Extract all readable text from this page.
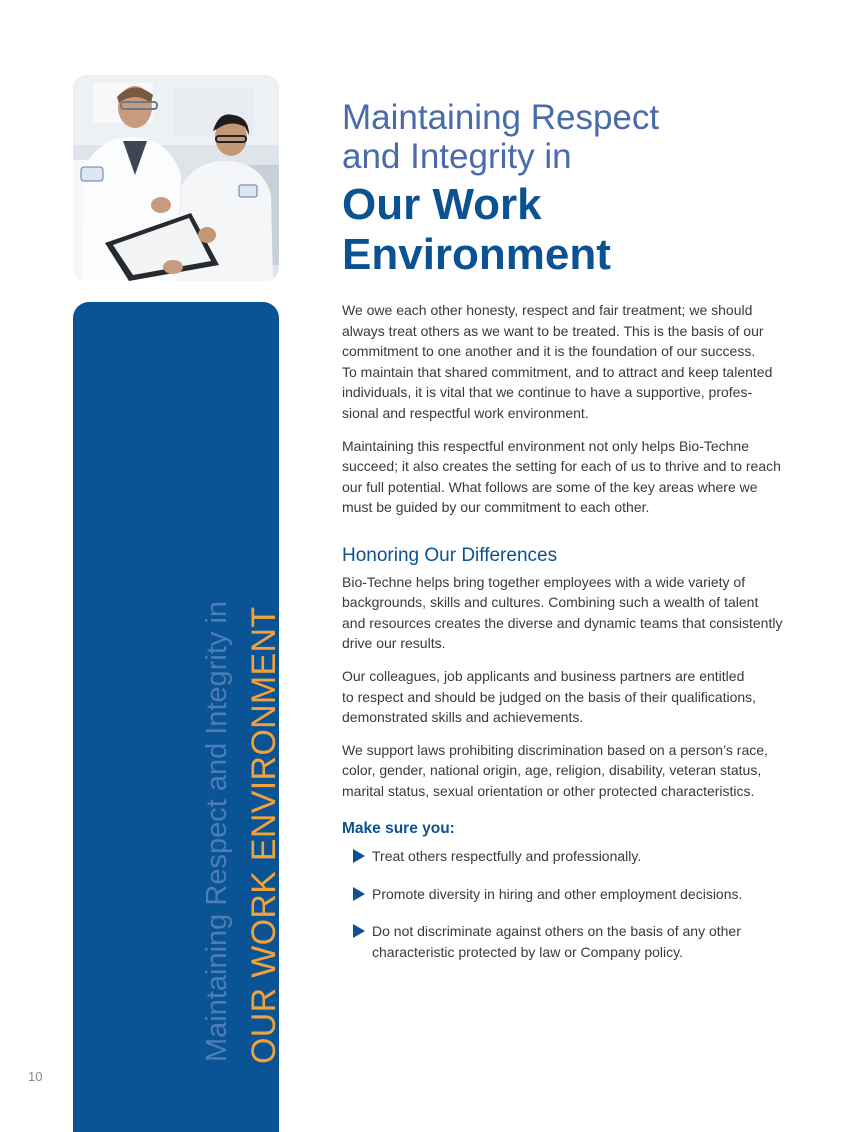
Maintaining Respect and Integrity in OUR WORK ENVIRONMENT
10
Maintaining Respect
and Integrity in
Our Work
Environment

We owe each other honesty, respect and fair treatment; we should
always treat others as we want to be treated. This is the basis of our
commitment to one another and it is the foundation of our success.
To maintain that shared commitment, and to attract and keep talented
individuals, it is vital that we continue to have a supportive, profes-
sional and respectful work environment.

Maintaining this respectful environment not only helps Bio-Techne
succeed; it also creates the setting for each of us to thrive and to reach
our full potential. What follows are some of the key areas where we
must be guided by our commitment to each other.

Honoring Our Differences

Bio-Techne helps bring together employees with a wide variety of
backgrounds, skills and cultures. Combining such a wealth of talent
and resources creates the diverse and dynamic teams that consistently
drive our results.

Our colleagues, job applicants and business partners are entitled
to respect and should be judged on the basis of their qualifications,
demonstrated skills and achievements.

We support laws prohibiting discrimination based on a person’s race,
color, gender, national origin, age, religion, disability, veteran status,
marital status, sexual orientation or other protected characteristics.

Make sure you:
Treat others respectfully and professionally.
Promote diversity in hiring and other employment decisions.
Do not discriminate against others on the basis of any other
characteristic protected by law or Company policy.
